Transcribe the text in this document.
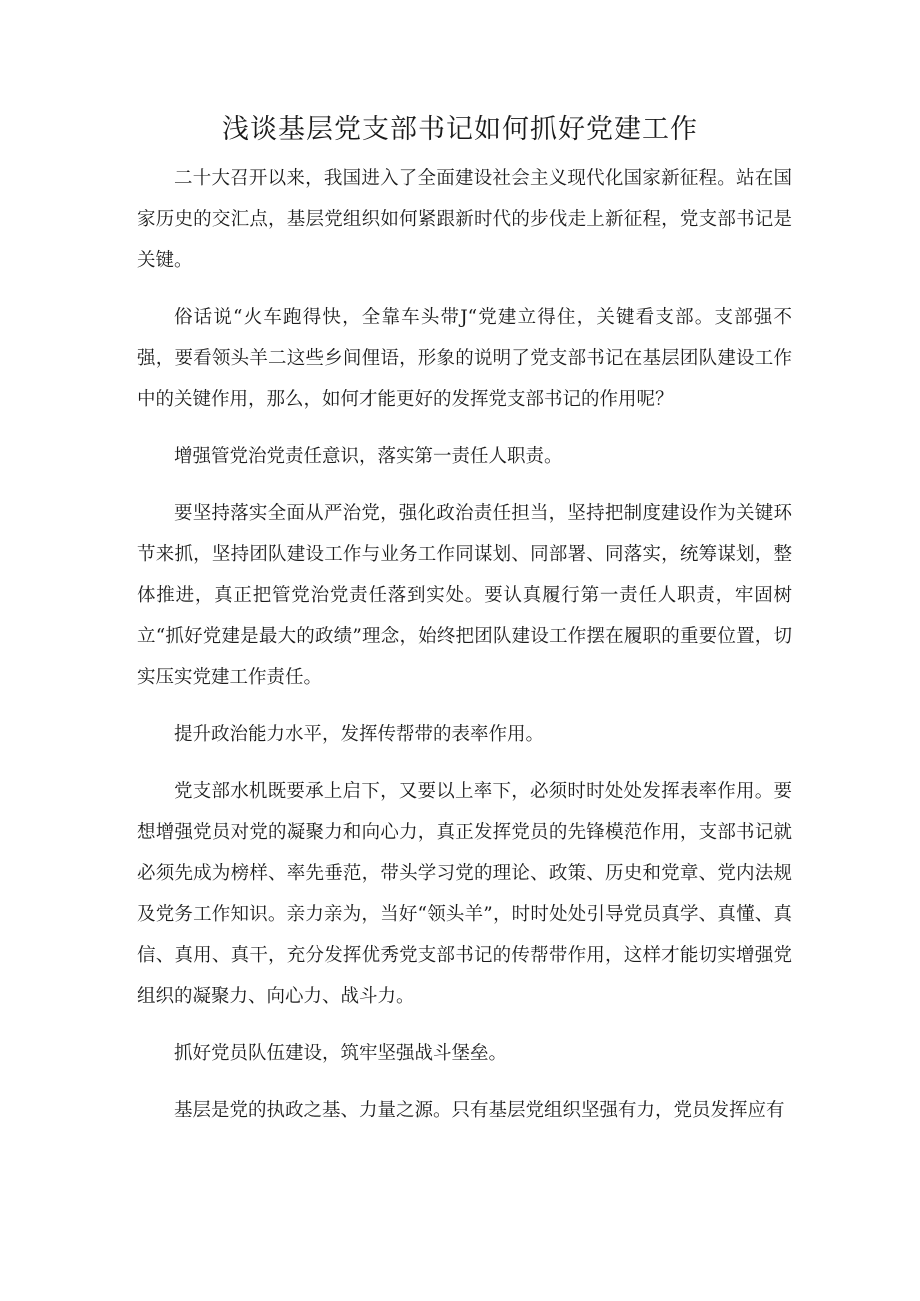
浅谈基层党支部书记如何抓好党建工作

二十大召开以来，我国进入了全面建设社会主义现代化国家新征程。站在国家历史的交汇点，基层党组织如何紧跟新时代的步伐走上新征程，党支部书记是关键。

俗话说“火车跑得快，全靠车头带J“党建立得住，关键看支部。支部强不强，要看领头羊二这些乡间俚语，形象的说明了党支部书记在基层团队建设工作中的关键作用，那么，如何才能更好的发挥党支部书记的作用呢？

增强管党治党责任意识，落实第一责任人职责。

要坚持落实全面从严治党，强化政治责任担当，坚持把制度建设作为关键环节来抓，坚持团队建设工作与业务工作同谋划、同部署、同落实，统筹谋划，整体推进，真正把管党治党责任落到实处。要认真履行第一责任人职责，牢固树立“抓好党建是最大的政绩”理念，始终把团队建设工作摆在履职的重要位置，切实压实党建工作责任。

提升政治能力水平，发挥传帮带的表率作用。

党支部水机既要承上启下，又要以上率下，必须时时处处发挥表率作用。要想增强党员对党的凝聚力和向心力，真正发挥党员的先锋模范作用，支部书记就必须先成为榜样、率先垂范，带头学习党的理论、政策、历史和党章、党内法规及党务工作知识。亲力亲为，当好“领头羊”，时时处处引导党员真学、真懂、真信、真用、真干，充分发挥优秀党支部书记的传帮带作用，这样才能切实增强党组织的凝聚力、向心力、战斗力。

抓好党员队伍建设，筑牢坚强战斗堡垒。

基层是党的执政之基、力量之源。只有基层党组织坚强有力，党员发挥应有
